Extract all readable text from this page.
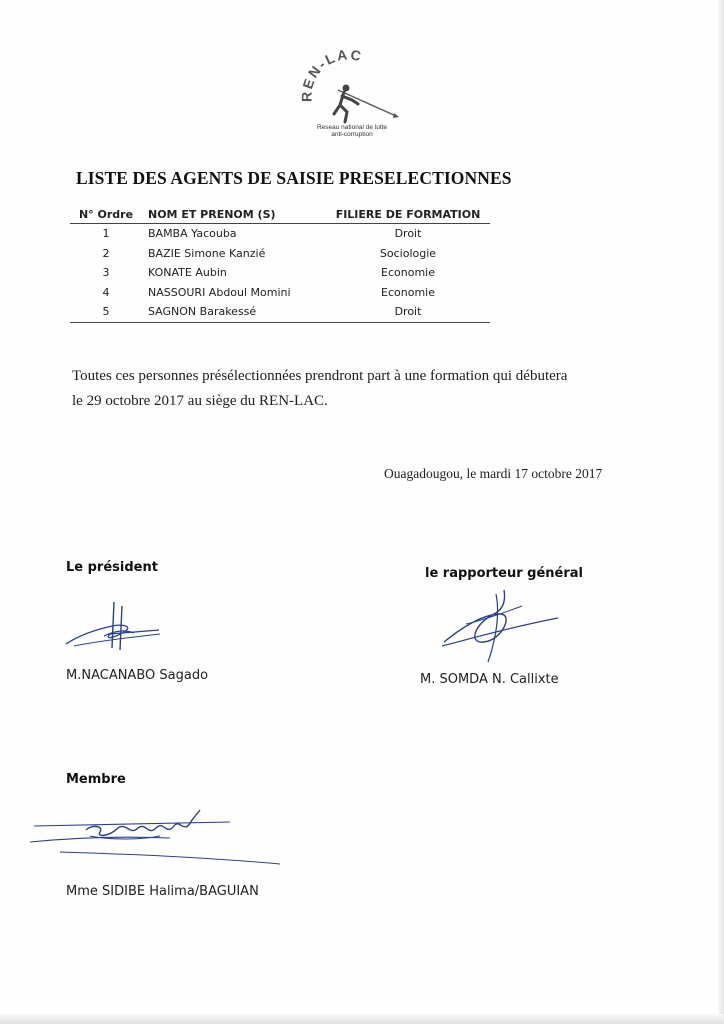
REN-LAC
Reseau national de lutte
anti-corruption
LISTE DES AGENTS DE SAISIE PRESELECTIONNES
N° Ordre	NOM ET PRENOM (S)	FILIERE DE FORMATION
1	BAMBA Yacouba	Droit
2	BAZIE Simone Kanzié	Sociologie
3	KONATE Aubin	Economie
4	NASSOURI Abdoul Momini	Economie
5	SAGNON Barakessé	Droit

Toutes ces personnes présélectionnées prendront part à une formation qui débutera
le 29 octobre 2017 au siège du REN-LAC.

Ouagadougou, le mardi 17 octobre 2017

Le président

M.NACANABO Sagado

le rapporteur général

M. SOMDA N. Callixte

Membre

Mme SIDIBE Halima/BAGUIAN
